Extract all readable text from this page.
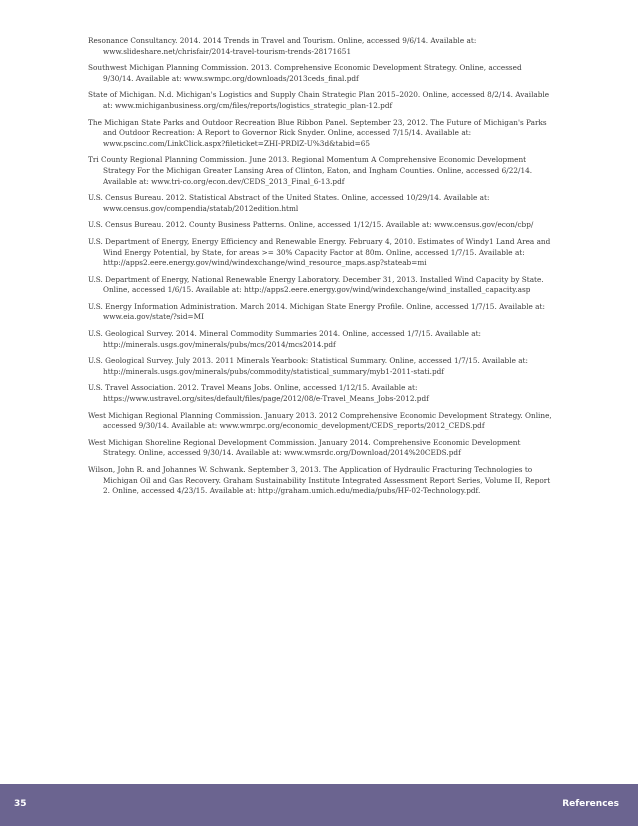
Resonance Consultancy. 2014. 2014 Trends in Travel and Tourism. Online, accessed 9/6/14. Available at: www.slideshare.net/chrisfair/2014-travel-tourism-trends-28171651
Southwest Michigan Planning Commission. 2013. Comprehensive Economic Development Strategy. Online, accessed 9/30/14. Available at: www.swmpc.org/downloads/2013ceds_final.pdf
State of Michigan. N.d. Michigan's Logistics and Supply Chain Strategic Plan 2015–2020. Online, accessed 8/2/14. Available at: www.michiganbusiness.org/cm/files/reports/logistics_strategic_plan-12.pdf
The Michigan State Parks and Outdoor Recreation Blue Ribbon Panel. September 23, 2012. The Future of Michigan's Parks and Outdoor Recreation: A Report to Governor Rick Snyder. Online, accessed 7/15/14. Available at: www.pscinc.com/LinkClick.aspx?fileticket=ZHI-PRDlZ-U%3d&tabid=65
Tri County Regional Planning Commission. June 2013. Regional Momentum A Comprehensive Economic Development Strategy For the Michigan Greater Lansing Area of Clinton, Eaton, and Ingham Counties. Online, accessed 6/22/14. Available at: www.tri-co.org/econ.dev/CEDS_2013_Final_6-13.pdf
U.S. Census Bureau. 2012. Statistical Abstract of the United States. Online, accessed 10/29/14. Available at: www.census.gov/compendia/statab/2012edition.html
U.S. Census Bureau. 2012. County Business Patterns. Online, accessed 1/12/15. Available at: www.census.gov/econ/cbp/
U.S. Department of Energy, Energy Efficiency and Renewable Energy. February 4, 2010. Estimates of Windy1 Land Area and Wind Energy Potential, by State, for areas >= 30% Capacity Factor at 80m. Online, accessed 1/7/15. Available at: http://apps2.eere.energy.gov/wind/windexchange/wind_resource_maps.asp?stateab=mi
U.S. Department of Energy, National Renewable Energy Laboratory. December 31, 2013. Installed Wind Capacity by State. Online, accessed 1/6/15. Available at: http://apps2.eere.energy.gov/wind/windexchange/wind_installed_capacity.asp
U.S. Energy Information Administration. March 2014. Michigan State Energy Profile. Online, accessed 1/7/15. Available at: www.eia.gov/state/?sid=MI
U.S. Geological Survey. 2014. Mineral Commodity Summaries 2014. Online, accessed 1/7/15. Available at: http://minerals.usgs.gov/minerals/pubs/mcs/2014/mcs2014.pdf
U.S. Geological Survey. July 2013. 2011 Minerals Yearbook: Statistical Summary. Online, accessed 1/7/15. Available at: http://minerals.usgs.gov/minerals/pubs/commodity/statistical_summary/myb1-2011-stati.pdf
U.S. Travel Association. 2012. Travel Means Jobs. Online, accessed 1/12/15. Available at: https://www.ustravel.org/sites/default/files/page/2012/08/e-Travel_Means_Jobs-2012.pdf
West Michigan Regional Planning Commission. January 2013. 2012 Comprehensive Economic Development Strategy. Online, accessed 9/30/14. Available at: www.wmrpc.org/economic_development/CEDS_reports/2012_CEDS.pdf
West Michigan Shoreline Regional Development Commission. January 2014. Comprehensive Economic Development Strategy. Online, accessed 9/30/14. Available at: www.wmsrdc.org/Download/2014%20CEDS.pdf
Wilson, John R. and Johannes W. Schwank. September 3, 2013. The Application of Hydraulic Fracturing Technologies to Michigan Oil and Gas Recovery. Graham Sustainability Institute Integrated Assessment Report Series, Volume II, Report 2. Online, accessed 4/23/15. Available at: http://graham.umich.edu/media/pubs/HF-02-Technology.pdf.
35	References
